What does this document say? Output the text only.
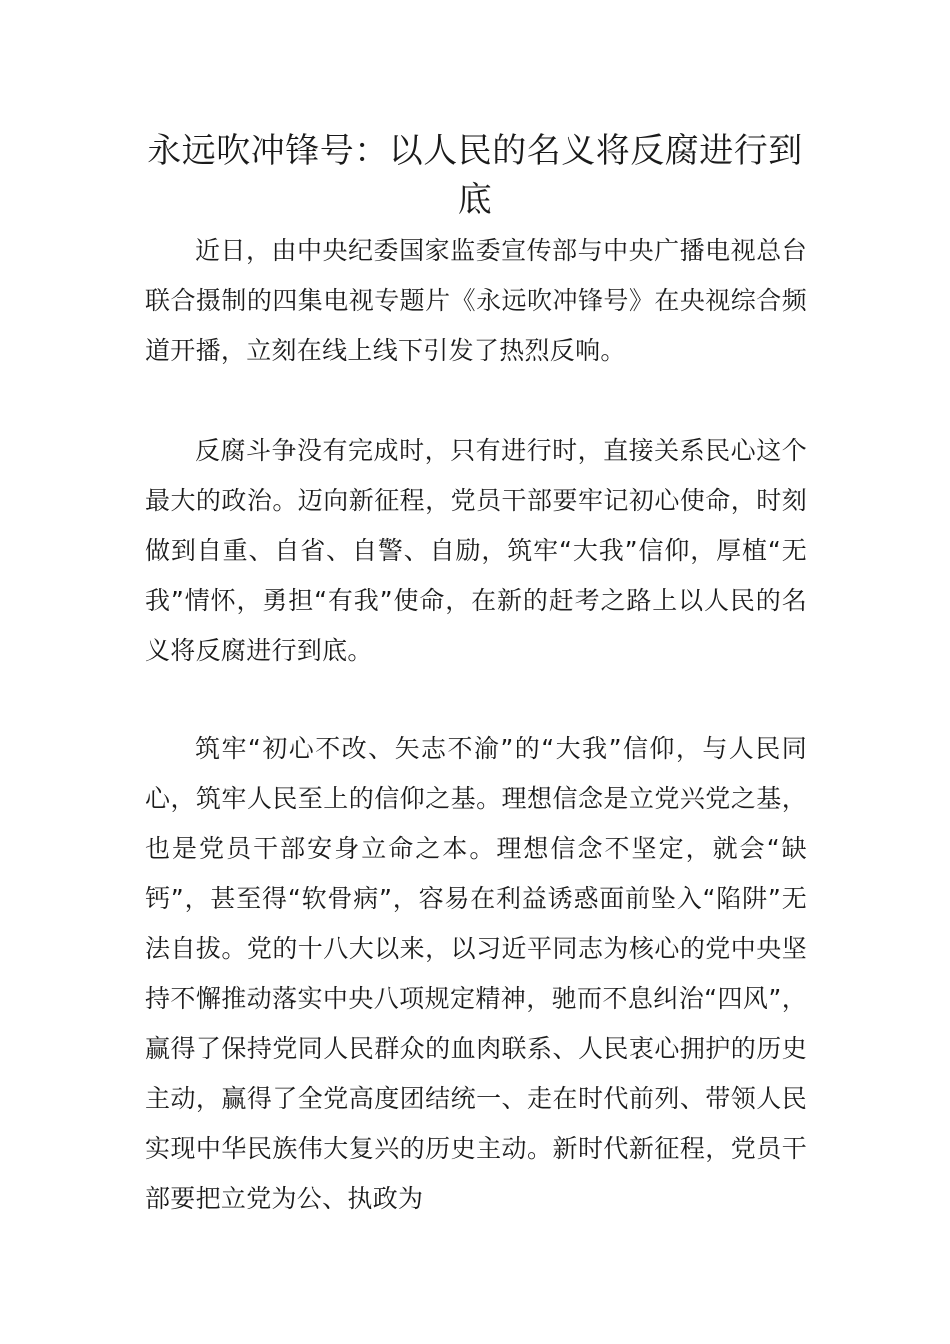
永远吹冲锋号：以人民的名义将反腐进行到底

近日，由中央纪委国家监委宣传部与中央广播电视总台联合摄制的四集电视专题片《永远吹冲锋号》在央视综合频道开播，立刻在线上线下引发了热烈反响。

反腐斗争没有完成时，只有进行时，直接关系民心这个最大的政治。迈向新征程，党员干部要牢记初心使命，时刻做到自重、自省、自警、自励，筑牢“大我”信仰，厚植“无我”情怀，勇担“有我”使命，在新的赶考之路上以人民的名义将反腐进行到底。

筑牢“初心不改、矢志不渝”的“大我”信仰，与人民同心，筑牢人民至上的信仰之基。理想信念是立党兴党之基，也是党员干部安身立命之本。理想信念不坚定，就会“缺钙”，甚至得“软骨病”，容易在利益诱惑面前坠入“陷阱”无法自拔。党的十八大以来，以习近平同志为核心的党中央坚持不懈推动落实中央八项规定精神，驰而不息纠治“四风”，赢得了保持党同人民群众的血肉联系、人民衷心拥护的历史主动，赢得了全党高度团结统一、走在时代前列、带领人民实现中华民族伟大复兴的历史主动。新时代新征程，党员干部要把立党为公、执政为
